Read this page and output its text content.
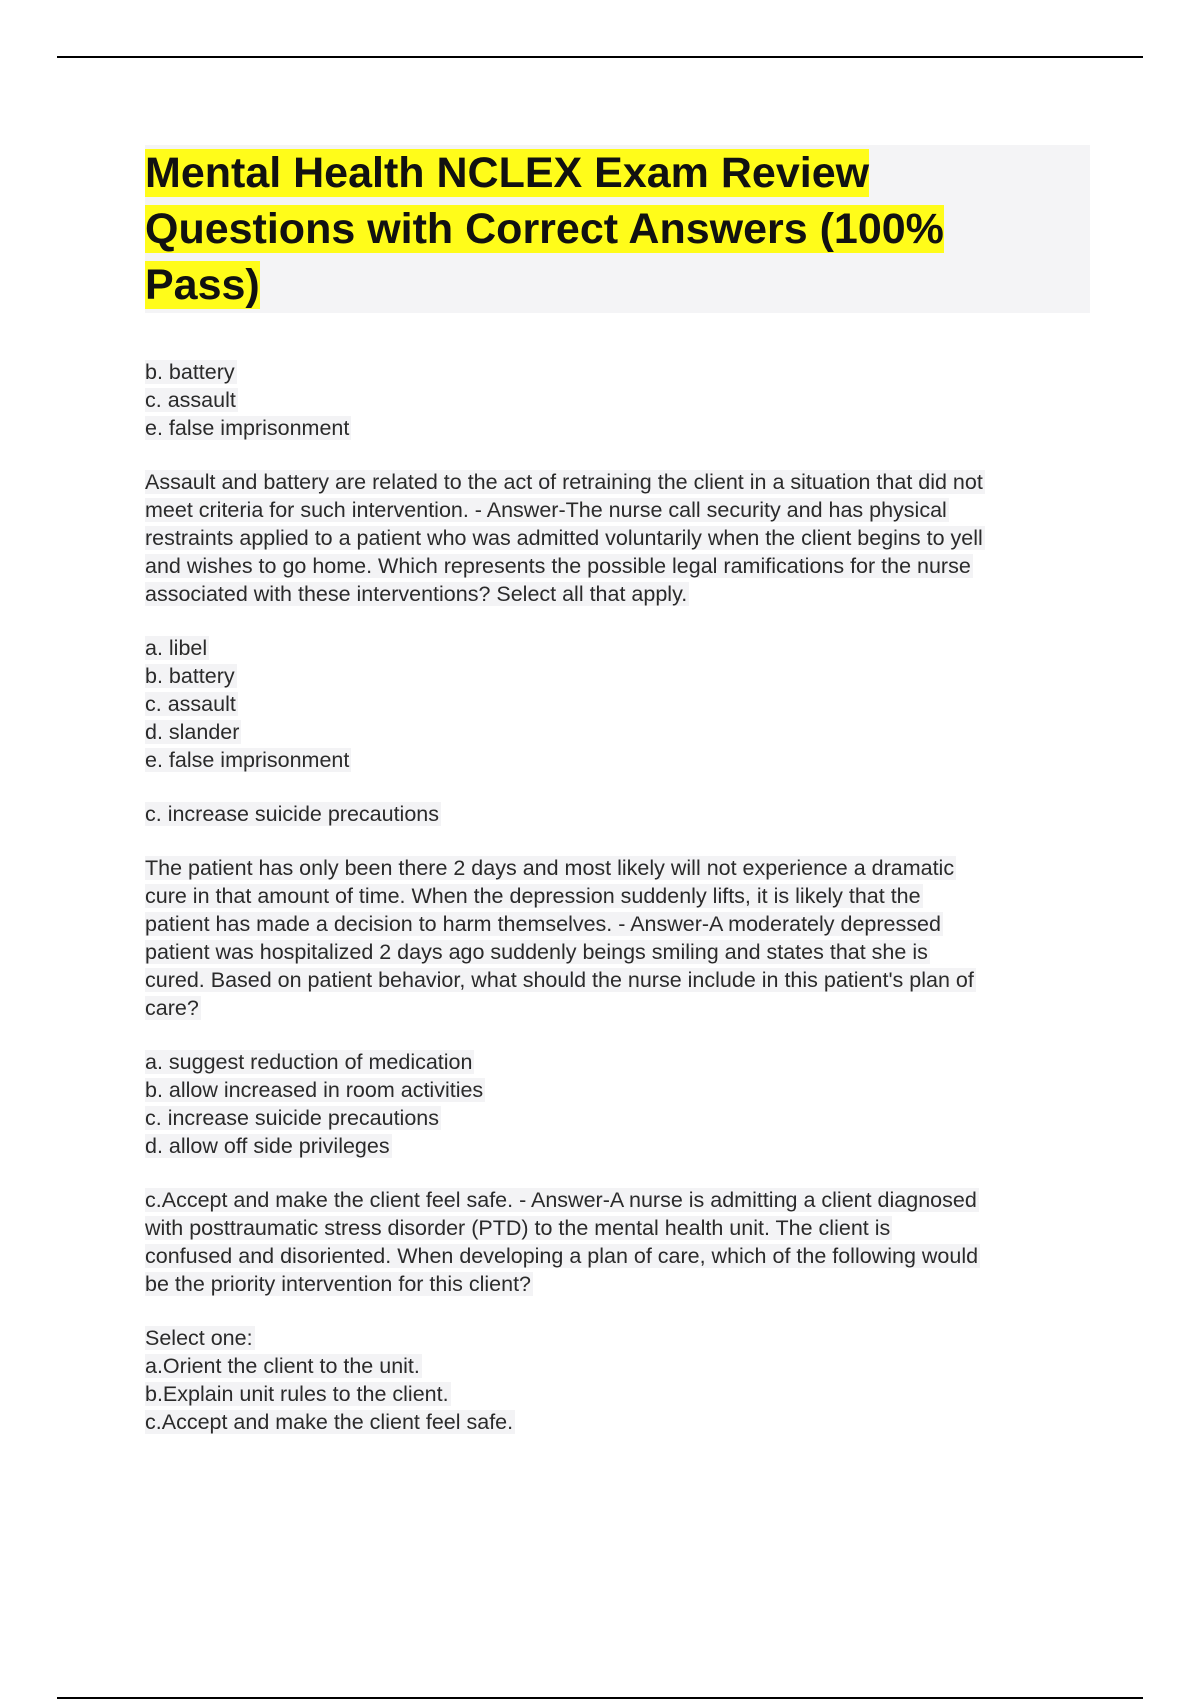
Mental Health NCLEX Exam Review
Questions with Correct Answers (100%
Pass)

b. battery
c. assault
e. false imprisonment

Assault and battery are related to the act of retraining the client in a situation that did not
meet criteria for such intervention. - Answer-The nurse call security and has physical
restraints applied to a patient who was admitted voluntarily when the client begins to yell
and wishes to go home. Which represents the possible legal ramifications for the nurse
associated with these interventions? Select all that apply.

a. libel
b. battery
c. assault
d. slander
e. false imprisonment

c. increase suicide precautions

The patient has only been there 2 days and most likely will not experience a dramatic
cure in that amount of time. When the depression suddenly lifts, it is likely that the
patient has made a decision to harm themselves. - Answer-A moderately depressed
patient was hospitalized 2 days ago suddenly beings smiling and states that she is
cured. Based on patient behavior, what should the nurse include in this patient's plan of
care?

a. suggest reduction of medication
b. allow increased in room activities
c. increase suicide precautions
d. allow off side privileges

c.Accept and make the client feel safe. - Answer-A nurse is admitting a client diagnosed
with posttraumatic stress disorder (PTD) to the mental health unit. The client is
confused and disoriented. When developing a plan of care, which of the following would
be the priority intervention for this client?

Select one:
a.Orient the client to the unit.
b.Explain unit rules to the client.
c.Accept and make the client feel safe.
